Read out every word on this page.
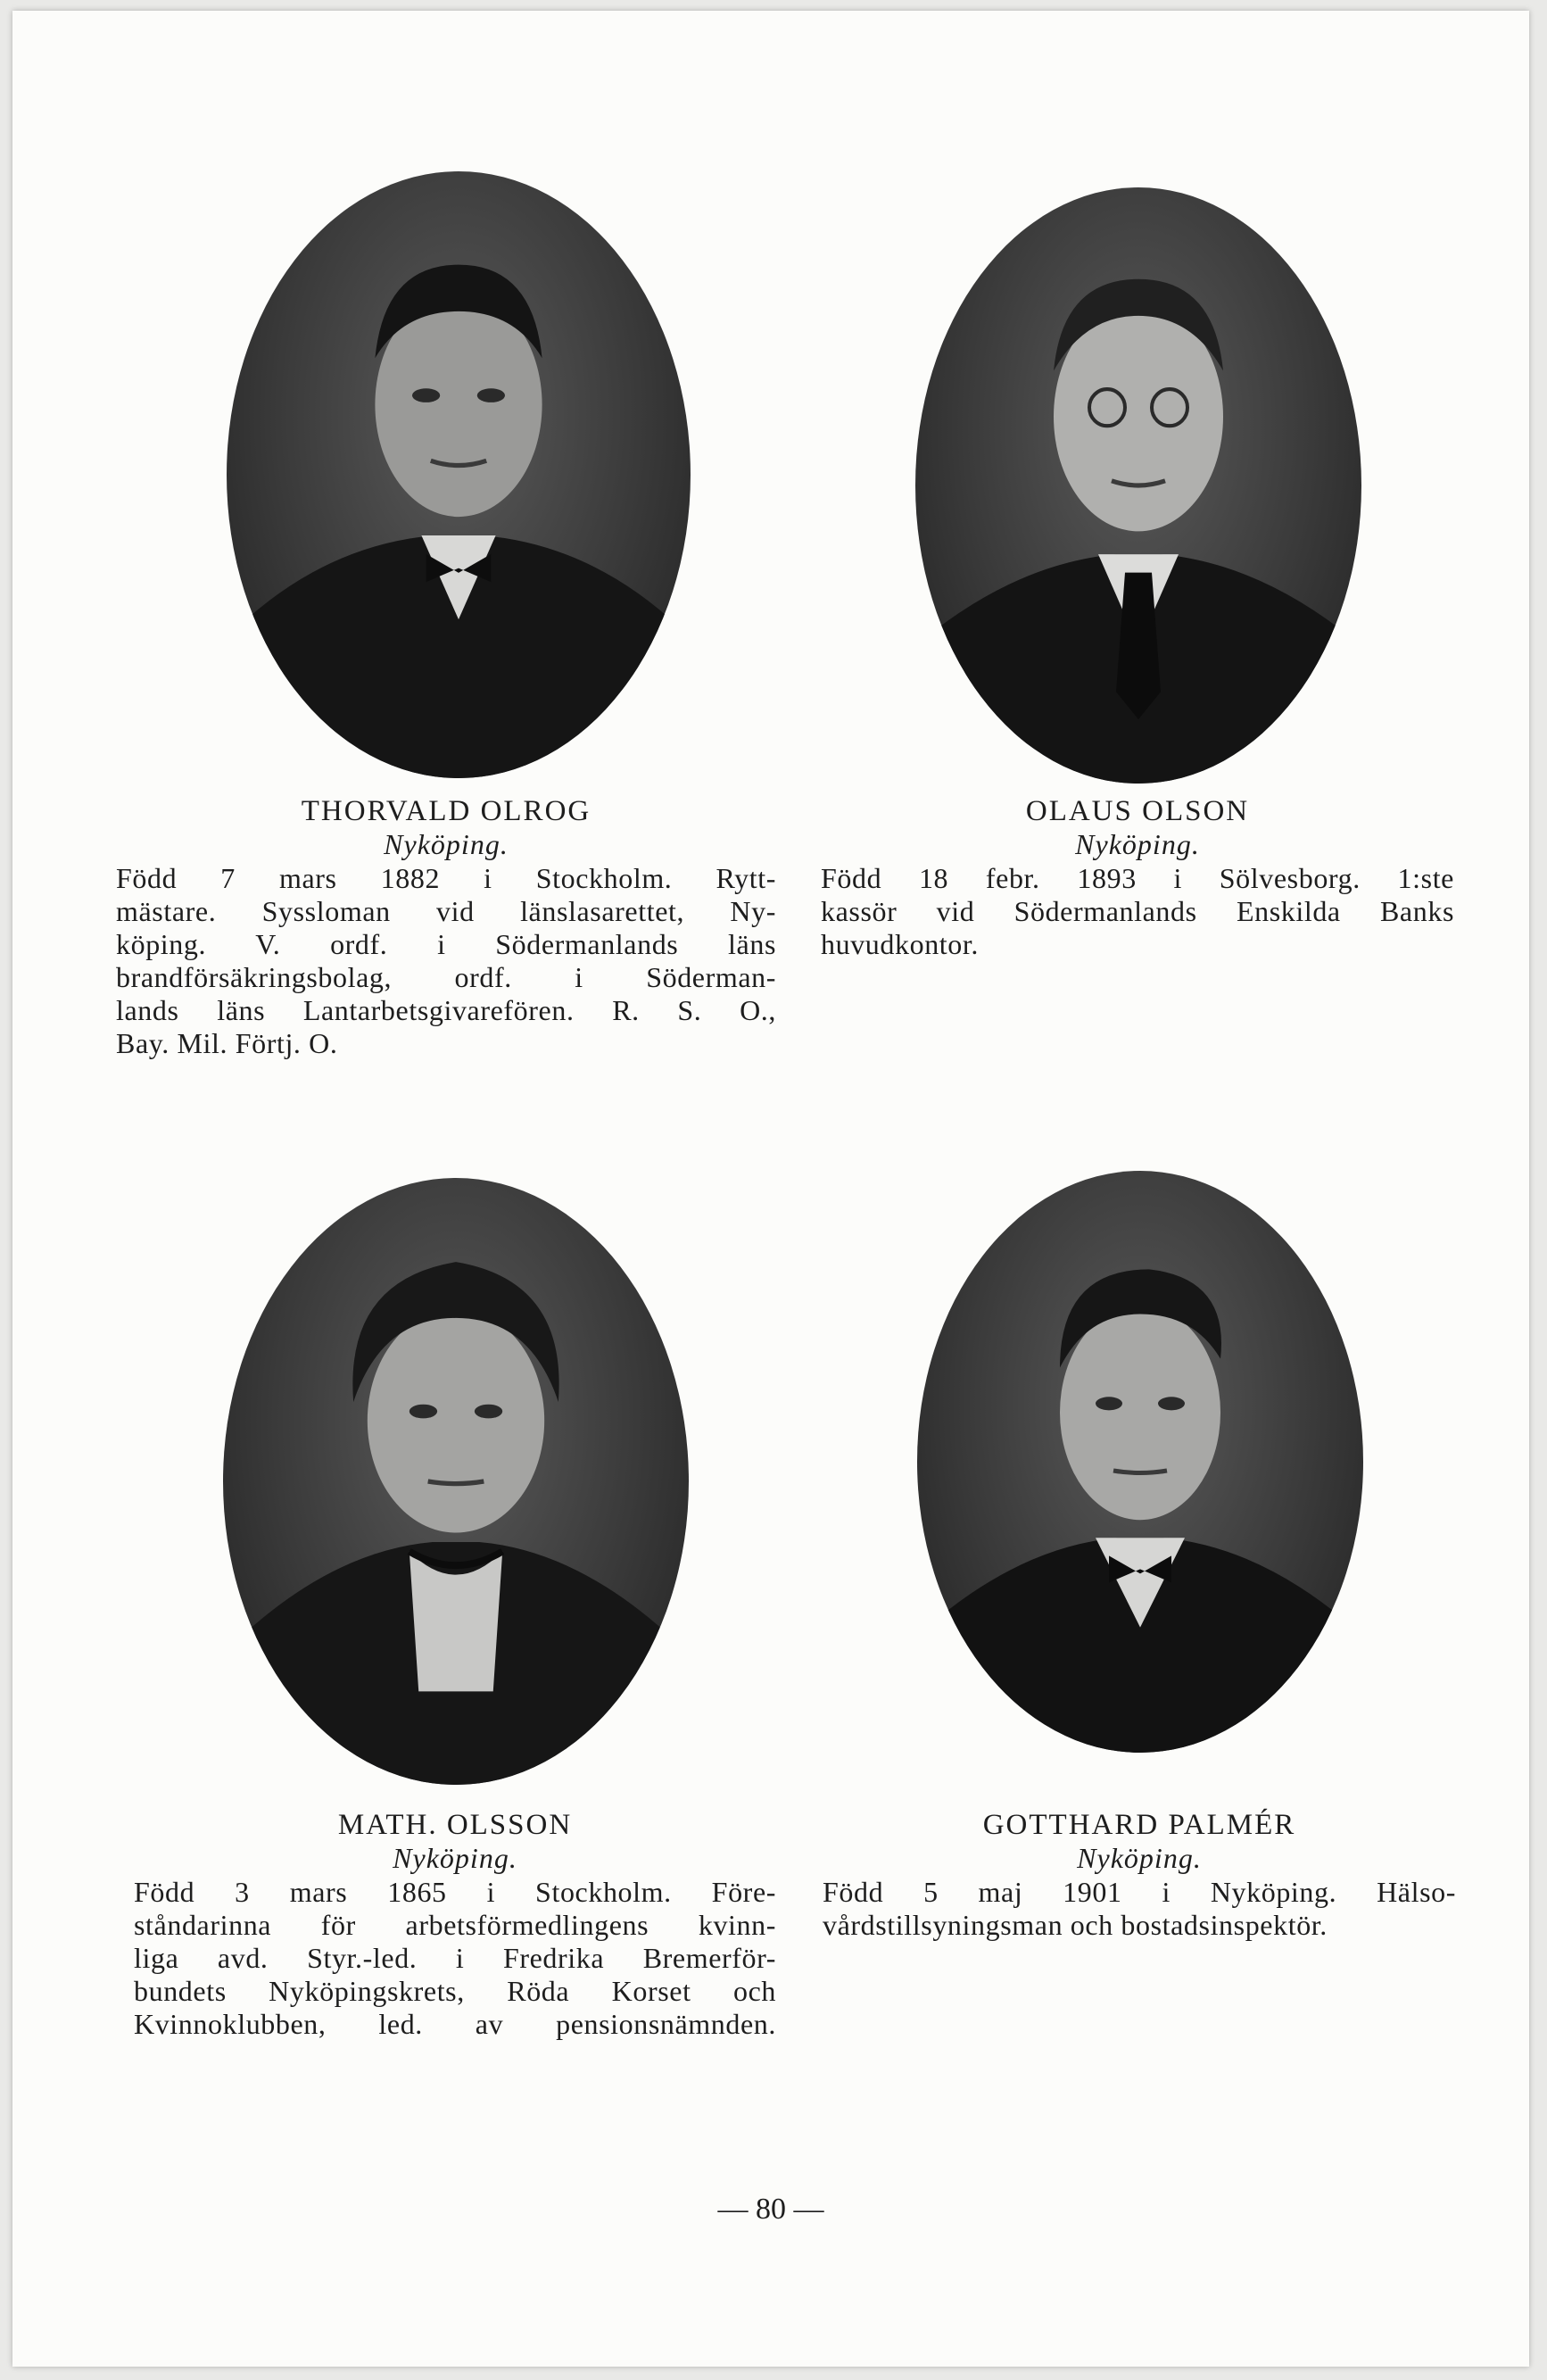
THORVALD OLROG

Nyköping.

Född 7 mars 1882 i Stockholm. Rytt-
mästare. Syssloman vid länslasarettet, Ny-
köping. V. ordf. i Södermanlands läns
brandförsäkringsbolag, ordf. i Söderman-
lands läns Lantarbetsgivarefören. R. S. O.,
Bay. Mil. Förtj. O.

OLAUS OLSON

Nyköping.

Född 18 febr. 1893 i Sölvesborg. 1:ste
kassör vid Södermanlands Enskilda Banks
huvudkontor.

MATH. OLSSON

Nyköping.

Född 3 mars 1865 i Stockholm. Före-
ståndarinna för arbetsförmedlingens kvinn-
liga avd. Styr.-led. i Fredrika Bremerför-
bundets Nyköpingskrets, Röda Korset och
Kvinnoklubben, led. av pensionsnämnden.

GOTTHARD PALMÉR

Nyköping.

Född 5 maj 1901 i Nyköping. Hälso-
vårdstillsyningsman och bostadsinspektör.
— 80 —
